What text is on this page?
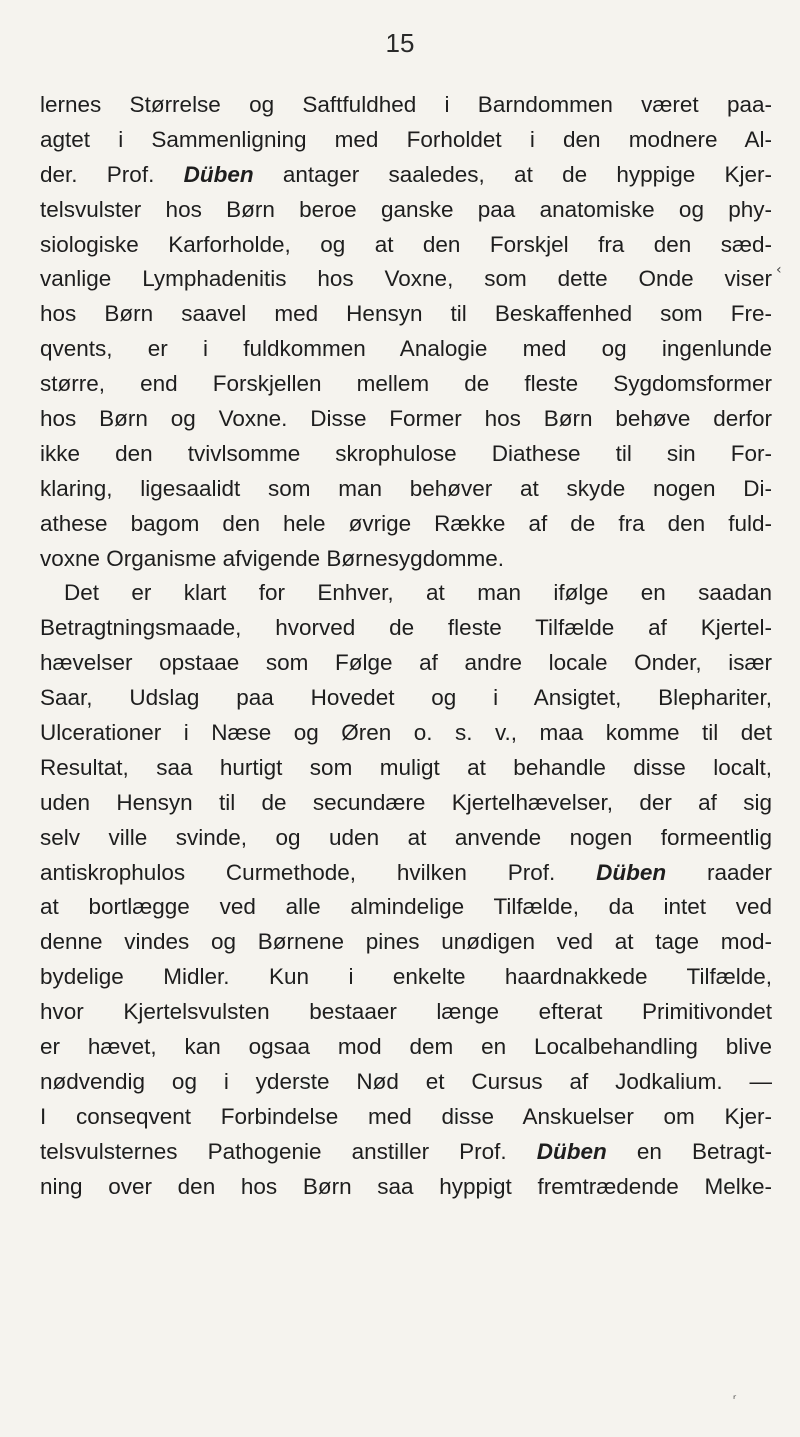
15
lernes Størrelse og Saftfuldhed i Barndommen været paa-
agtet i Sammenligning med Forholdet i den modnere Al-
der. Prof. Düben antager saaledes, at de hyppige Kjer-
telsvulster hos Børn beroe ganske paa anatomiske og phy-
siologiske Karforholde, og at den Forskjel fra den sæd-
vanlige Lymphadenitis hos Voxne, som dette Onde viser
hos Børn saavel med Hensyn til Beskaffenhed som Fre-
qvents, er i fuldkommen Analogie med og ingenlunde
større, end Forskjellen mellem de fleste Sygdomsformer
hos Børn og Voxne. Disse Former hos Børn behøve derfor
ikke den tvivlsomme skrophulose Diathese til sin For-
klaring, ligesaalidt som man behøver at skyde nogen Di-
athese bagom den hele øvrige Række af de fra den fuld-
voxne Organisme afvigende Børnesygdomme.
Det er klart for Enhver, at man ifølge en saadan
Betragtningsmaade, hvorved de fleste Tilfælde af Kjertel-
hævelser opstaae som Følge af andre locale Onder, især
Saar, Udslag paa Hovedet og i Ansigtet, Blephariter,
Ulcerationer i Næse og Øren o. s. v., maa komme til det
Resultat, saa hurtigt som muligt at behandle disse localt,
uden Hensyn til de secundære Kjertelhævelser, der af sig
selv ville svinde, og uden at anvende nogen formeentlig
antiskrophulos Curmethode, hvilken Prof. Düben raader
at bortlægge ved alle almindelige Tilfælde, da intet ved
denne vindes og Børnene pines unødigen ved at tage mod-
bydelige Midler. Kun i enkelte haardnakkede Tilfælde,
hvor Kjertelsvulsten bestaaer længe efterat Primitivondet
er hævet, kan ogsaa mod dem en Localbehandling blive
nødvendig og i yderste Nød et Cursus af Jodkalium. —
I conseqvent Forbindelse med disse Anskuelser om Kjer-
telsvulsternes Pathogenie anstiller Prof. Düben en Betragt-
ning over den hos Børn saa hyppigt fremtrædende Melke-
‹
ʳ
